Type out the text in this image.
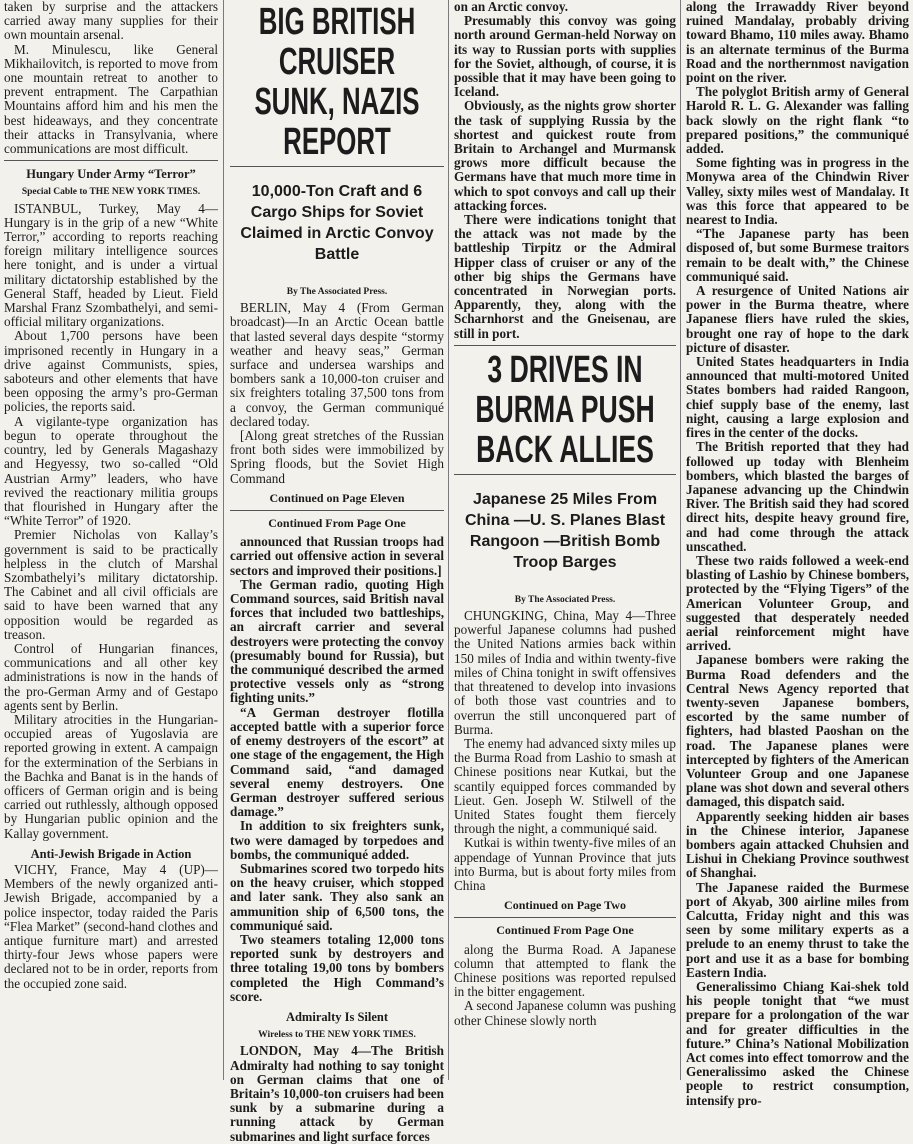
taken by surprise and the attackers carried away many supplies for their own mountain arsenal.

M. Minulescu, like General Mikhailovitch, is reported to move from one mountain retreat to another to prevent entrapment. The Carpathian Mountains afford him and his men the best hideaways, and they concentrate their attacks in Transylvania, where communications are most difficult.

Hungary Under Army “Terror”
Special Cable to THE NEW YORK TIMES.

ISTANBUL, Turkey, May 4—Hungary is in the grip of a new “White Terror,” according to reports reaching foreign military intelligence sources here tonight, and is under a virtual military dictatorship established by the General Staff, headed by Lieut. Field Marshal Franz Szombathelyi, and semi-official military organizations.

About 1,700 persons have been imprisoned recently in Hungary in a drive against Communists, spies, saboteurs and other elements that have been opposing the army’s pro-German policies, the reports said.

A vigilante-type organization has begun to operate throughout the country, led by Generals Magashazy and Hegyessy, two so-called “Old Austrian Army” leaders, who have revived the reactionary militia groups that flourished in Hungary after the “White Terror” of 1920.

Premier Nicholas von Kallay’s government is said to be practically helpless in the clutch of Marshal Szombathelyi’s military dictatorship. The Cabinet and all civil officials are said to have been warned that any opposition would be regarded as treason.

Control of Hungarian finances, communications and all other key administrations is now in the hands of the pro-German Army and of Gestapo agents sent by Berlin.

Military atrocities in the Hungarian-occupied areas of Yugoslavia are reported growing in extent. A campaign for the extermination of the Serbians in the Bachka and Banat is in the hands of officers of German origin and is being carried out ruthlessly, although opposed by Hungarian public opinion and the Kallay government.

Anti-Jewish Brigade in Action

VICHY, France, May 4 (UP)—Members of the newly organized anti-Jewish Brigade, accompanied by a police inspector, today raided the Paris “Flea Market” (second-hand clothes and antique furniture mart) and arrested thirty-four Jews whose papers were declared not to be in order, reports from the occupied zone said.

BIG BRITISH CRUISER SUNK, NAZIS REPORT
10,000-Ton Craft and 6 Cargo Ships for Soviet Claimed in Arctic Convoy Battle
By The Associated Press.

BERLIN, May 4 (From German broadcast)—In an Arctic Ocean battle that lasted several days despite “stormy weather and heavy seas,” German surface and undersea warships and bombers sank a 10,000-ton cruiser and six freighters totaling 37,500 tons from a convoy, the German communiqué declared today.

[Along great stretches of the Russian front both sides were immobilized by Spring floods, but the Soviet High Command

Continued on Page Eleven
Continued From Page One

announced that Russian troops had carried out offensive action in several sectors and improved their positions.]

The German radio, quoting High Command sources, said British naval forces that included two battleships, an aircraft carrier and several destroyers were protecting the convoy (presumably bound for Russia), but the communiqué described the armed protective vessels only as “strong fighting units.”

“A German destroyer flotilla accepted battle with a superior force of enemy destroyers of the escort” at one stage of the engagement, the High Command said, “and damaged several enemy destroyers. One German destroyer suffered serious damage.”

In addition to six freighters sunk, two were damaged by torpedoes and bombs, the communiqué added.

Submarines scored two torpedo hits on the heavy cruiser, which stopped and later sank. They also sank an ammunition ship of 6,500 tons, the communiqué said.

Two steamers totaling 12,000 tons reported sunk by destroyers and three totaling 19,00 tons by bombers completed the High Command’s score.

Admiralty Is Silent
Wireless to THE NEW YORK TIMES.

LONDON, May 4—The British Admiralty had nothing to say tonight on German claims that one of Britain’s 10,000-ton cruisers had been sunk by a submarine during a running attack by German submarines and light surface forces

on an Arctic convoy.

Presumably this convoy was going north around German-held Norway on its way to Russian ports with supplies for the Soviet, although, of course, it is possible that it may have been going to Iceland.

Obviously, as the nights grow shorter the task of supplying Russia by the shortest and quickest route from Britain to Archangel and Murmansk grows more difficult because the Germans have that much more time in which to spot convoys and call up their attacking forces.

There were indications tonight that the attack was not made by the battleship Tirpitz or the Admiral Hipper class of cruiser or any of the other big ships the Germans have concentrated in Norwegian ports. Apparently, they, along with the Scharnhorst and the Gneisenau, are still in port.

3 DRIVES IN BURMA PUSH BACK ALLIES
Japanese 25 Miles From China —U. S. Planes Blast Rangoon —British Bomb Troop Barges
By The Associated Press.

CHUNGKING, China, May 4—Three powerful Japanese columns had pushed the United Nations armies back within 150 miles of India and within twenty-five miles of China tonight in swift offensives that threatened to develop into invasions of both those vast countries and to overrun the still unconquered part of Burma.

The enemy had advanced sixty miles up the Burma Road from Lashio to smash at Chinese positions near Kutkai, but the scantily equipped forces commanded by Lieut. Gen. Joseph W. Stilwell of the United States fought them fiercely through the night, a communiqué said.

Kutkai is within twenty-five miles of an appendage of Yunnan Province that juts into Burma, but is about forty miles from China

Continued on Page Two
Continued From Page One

along the Burma Road. A Japanese column that attempted to flank the Chinese positions was reported repulsed in the bitter engagement.

A second Japanese column was pushing other Chinese slowly north

along the Irrawaddy River beyond ruined Mandalay, probably driving toward Bhamo, 110 miles away. Bhamo is an alternate terminus of the Burma Road and the northernmost navigation point on the river.

The polyglot British army of General Harold R. L. G. Alexander was falling back slowly on the right flank “to prepared positions,” the communiqué added.

Some fighting was in progress in the Monywa area of the Chindwin River Valley, sixty miles west of Mandalay. It was this force that appeared to be nearest to India.

“The Japanese party has been disposed of, but some Burmese traitors remain to be dealt with,” the Chinese communiqué said.

A resurgence of United Nations air power in the Burma theatre, where Japanese fliers have ruled the skies, brought one ray of hope to the dark picture of disaster.

United States headquarters in India announced that multi-motored United States bombers had raided Rangoon, chief supply base of the enemy, last night, causing a large explosion and fires in the center of the docks.

The British reported that they had followed up today with Blenheim bombers, which blasted the barges of Japanese advancing up the Chindwin River. The British said they had scored direct hits, despite heavy ground fire, and had come through the attack unscathed.

These two raids followed a week-end blasting of Lashio by Chinese bombers, protected by the “Flying Tigers” of the American Volunteer Group, and suggested that desperately needed aerial reinforcement might have arrived.

Japanese bombers were raking the Burma Road defenders and the Central News Agency reported that twenty-seven Japanese bombers, escorted by the same number of fighters, had blasted Paoshan on the road. The Japanese planes were intercepted by fighters of the American Volunteer Group and one Japanese plane was shot down and several others damaged, this dispatch said.

Apparently seeking hidden air bases in the Chinese interior, Japanese bombers again attacked Chuhsien and Lishui in Chekiang Province southwest of Shanghai.

The Japanese raided the Burmese port of Akyab, 300 airline miles from Calcutta, Friday night and this was seen by some military experts as a prelude to an enemy thrust to take the port and use it as a base for bombing Eastern India.

Generalissimo Chiang Kai-shek told his people tonight that “we must prepare for a prolongation of the war and for greater difficulties in the future.” China’s National Mobilization Act comes into effect tomorrow and the Generalissimo asked the Chinese people to restrict consumption, intensify pro-
